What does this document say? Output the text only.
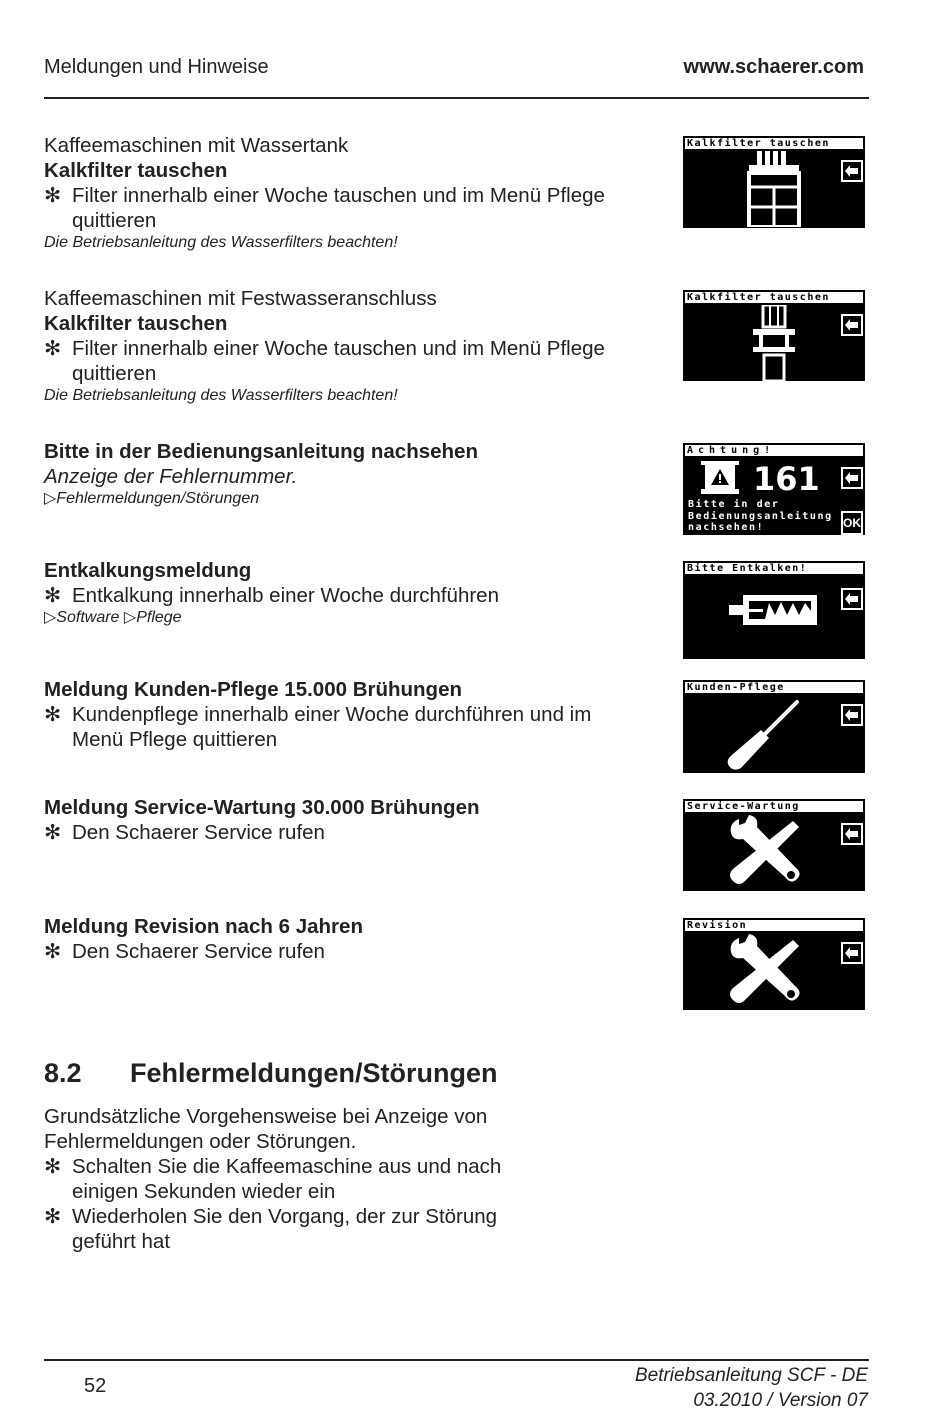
Meldungen und Hinweise	www.schaerer.com
Kaffeemaschinen mit Wassertank
Kalkfilter tauschen
✻ Filter innerhalb einer Woche tauschen und im Menü Pflege quittieren
Die Betriebsanleitung des Wasserfilters beachten!
Kalkfilter tauschen
Kaffeemaschinen mit Festwasseranschluss
Kalkfilter tauschen
✻ Filter innerhalb einer Woche tauschen und im Menü Pflege quittieren
Die Betriebsanleitung des Wasserfilters beachten!
Kalkfilter tauschen
Bitte in der Bedienungsanleitung nachsehen
Anzeige der Fehlernummer.
▷Fehlermeldungen/Störungen
Achtung!
161
Bitte in der
Bedienungsanleitung
nachsehen!	OK
Entkalkungsmeldung
✻ Entkalkung innerhalb einer Woche durchführen
▷Software ▷Pflege
Bitte Entkalken!
Meldung Kunden-Pflege 15.000 Brühungen
✻ Kundenpflege innerhalb einer Woche durchführen und im Menü Pflege quittieren
Kunden-Pflege
Meldung Service-Wartung 30.000 Brühungen
✻ Den Schaerer Service rufen
Service-Wartung
Meldung Revision nach 6 Jahren
✻ Den Schaerer Service rufen
Revision
8.2 Fehlermeldungen/Störungen
Grundsätzliche Vorgehensweise bei Anzeige von Fehlermeldungen oder Störungen.
✻ Schalten Sie die Kaffeemaschine aus und nach einigen Sekunden wieder ein
✻ Wiederholen Sie den Vorgang, der zur Störung geführt hat
52	Betriebsanleitung SCF - DE
03.2010 / Version 07
